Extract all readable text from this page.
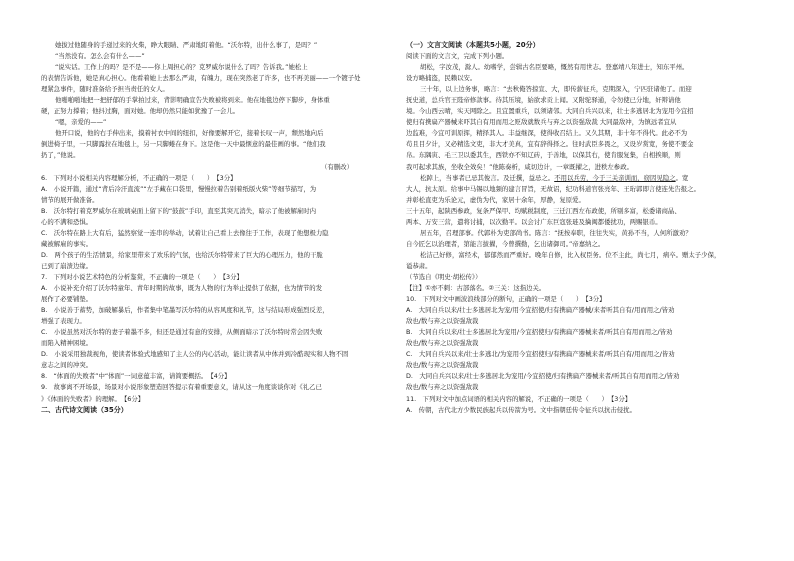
她拔过他随身的手递过来的火柴，睁大眼睛、严肃地盯着他。“沃尔特，出什么事了，是吗？”

“当然没有。怎么会有什么——”

“说实话。工作上的吗？是不是——你上周担心的？克罗威尔说什么了吗？告诉我。”她松上

的表情告诉他，她是真心担心。他看着她上去那么严肃，有魄力，现在突然老了许多，也不再美丽——一个镀子处

理紧急事件，随时准备给予担当责任的女人。

他啪啪啪地把一把舒郁的手掌拍过来，背影明确宣告失败被将到来。他在地毯边停下脚步，身体重

硬，正努力撑着；他抖过胸，面对她。他却仍然只能如犹豫了一会儿。

“嗯，亲爱的——”

他开口说，他的右手伸出来，摸着衬衣中间的纽扣，好像要解开它，接着长叹一声，颓然地向后

倒进椅子里，一只脚露拉在地毯上，另一只脚蜷在身下。这是他一天中最惬意的最佳画的事。“他们我

扔了，”他说。

（有删改）

6.　下列对小说相关内容理解分析，不正确的一项是（　　）　【3分】

A.　小说开篇，通过“背后冷汗直流”“左手藏在口袋里，慢慢拉着告别着纸版火柴”等细节描写，为

情节的展开做准备。

B.　沃尔特打着克罗威尔在玻璃桌面上留下的“鼓鼓”手印，直至其突兀消失，暗示了他被解雇时内

心的不满和恐惧。

C.　沃尔特在路上大有后，猛然察觉一连串的举动，试着让自己看上去像往于工作，表现了他想极力隐

藏被解雇的事实。

D.　两个孩子的生活情景，给家里带来了欢乐的气氛，也给沃尔特带来了巨大的心理压力，他的干脆

已到了崩溃边缘。

7.　下列对小说艺术特色的分析鉴赏，不正确的一项是（　　）　【3分】

A.　小说补充介绍了沃尔特童年、青年时期的故事，既为人物的行为举止提供了依据，也为情节的发

展作了必要铺垫。

B.　小说善于蓄势，加破解暴后，作者集中笔墨写沃尔特的从容风度和礼节，这与结局形成强烈反差，

增强了表现力。

C.　小说虽然对沃尔特的妻子着墨不多，但还是通过有意的安排，从侧面暗示了沃尔特时常会因失败

而陷入精神困境。

D.　小说采用独裁视角，使读者体验式地感知了主人公的内心活动，能让读者从中体并到冷酷现实和人物不固

意志之间的冲突。

8.　“体面的失败者”中“体面”一词意蕴丰富，请简要概括。　【4分】

9.　故事离不开场景，场景对小说形象塑造回答提示有着重要意义，请从这一角度谈谈你对《礼乙已

》《体面的失败者》的理解。　【6分】

二、古代诗文阅读（35分）

（一）文言文阅读（本题共5小题，20分）

阅读下面的文言文，完成下列小题。

胡松，字汝茂，滁人。幼嗜学，尝辑古名臣要略，慨然有用世志。登嘉靖八年进士，知东平州。

设方略捕盗，民赖以安。

三十年，以上边务事，略言：“去秋俺答掠宣、大，即传薪征兵，克期深入，宁匹驻诸他了。而迎

抚史道，总兵官王陛帝修款事。待其压境，始欲求贡上闻。又附驼驿通，令勿使已分地，奸辩请他

境。今山西云晴，实天网除之。且宜置重兵，以须诸邻。大同自兵兴以来，壮士多逃居北为宠用今宜招

使归有携扁产器械来吓其自有用而用之贬敌就数兵与弃之以资强敌裁 大同最敌冲，为镇远者宜从

边监难，今宜可训原挥，精择其人。丰益继深，使得收召结上。又久其期，非十年不得代。此必不为

苟且目夕计，又必精选文吏，非大才美真，宜有辞得择之。往时武臣多畏之，又设岁赏宽，务使不要金

帛。东隅寅、毛三卫以委其生，西铁亦不知辽砖，于善地，以保其右，使肯服复集，自相挨顺，则

我可起求其族，坐收全效矣！”他陈奏析，咸切边计，一章既擢之，进秩左参政。

松踔上，当事者已忌其俊言。及迁撰，益忌之。不用以兵劳，今于三关亲训而，窃因见隐之。宽

大人，抗太原。给事中马锡以地频的建言冒旨，无故诏，纪功科道官张亮年、王珩郭即言使连先告报之。

并彰松直吏为乐论元，虚伪为代，家居十余年，厚静，复原爱。

三十五年，起陕西参政，复条严保甲、均赋税制度，三迁江西左布政使，所剔多富，松委诸商晶、

两本、万安三营，遣将讨捕，以次勤平。以会讨广东巨寇张琏及擒闽都倭扰功，两赐银币。

居五年，召理部事。代郭朴为吏部尚书。陈言：“抚按奉职，往往失实，黄孙不当，人何所激劝？

自今匠乞以治理者，第能言拔擢，今曾撰勤，乞出诸御司。”帝嘉纳之。

松洁己好修，富经术，郁郁然而严重好。晚年自修，比入权臣务。位不主此，尚七月，病卒。赠太子少保，

谥恭肃。

（节选自《明史·胡松传》）

【注】①亦不刺：古部落名。②三关：这指边关。

10.　下列对文中画波浪线部分的断句，正确的一项是（　　）　【3分】

A.　大同自兵以来/壮士多逃居北为宠/用今宜招使/归有携扁产器械/来者听其自有/用而用之/皆劝

敌也/数与弃之以资强敌裁

B.　大同自兵以来/壮士多逃居北为宠用/今宜招使归/有携扁产器械来者/听其自有用而用之/皆劝

敌也/数与弃之以资强敌裁

C.　大同自兵兴以来/壮士多逃北/为宠用今宜招使归/有携扁产器械来者/听其自有/用而用之/皆劝

敌也/数与弃之以资强敌裁

D.　大同自兵兴以来/壮士多逃居北为宠用/今宜招使/归有携扁产器械来者/听其自有用而用之/皆劝

敌也/数与弃之以资强敌裁

11.　下列对文中加点词语的相关内容的解说，不正确的一项是（　　）　【3分】

A.　传朝，古代北方少数民族起兵以传箭为号。文中指朝廷传令征兵以抗击侵扰。
